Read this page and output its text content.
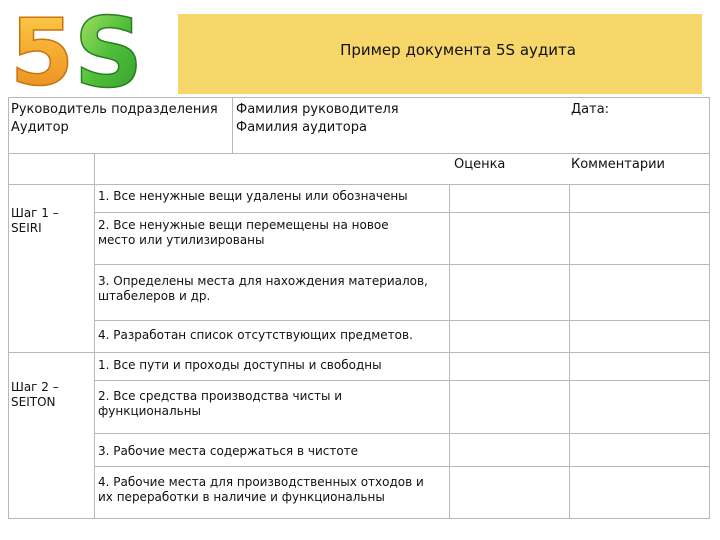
5 S	Пример документа 5S аудита
Руководитель подразделения
Аудитор
Фамилия руководителя
Фамилия аудитора
Дата:
Оценка	Комментарии
Шаг 1 –
SEIRI
1. Все ненужные вещи удалены или обозначены
2. Все ненужные вещи перемещены на новое
место или утилизированы
3. Определены места для нахождения материалов,
штабелеров и др.
4. Разработан список отсутствующих предметов.
Шаг 2 –
SEITON
1. Все пути и проходы доступны и свободны
2. Все средства производства чисты и
функциональны
3. Рабочие места содержаться в чистоте
4. Рабочие места для производственных отходов и
их переработки в наличие и функциональны
